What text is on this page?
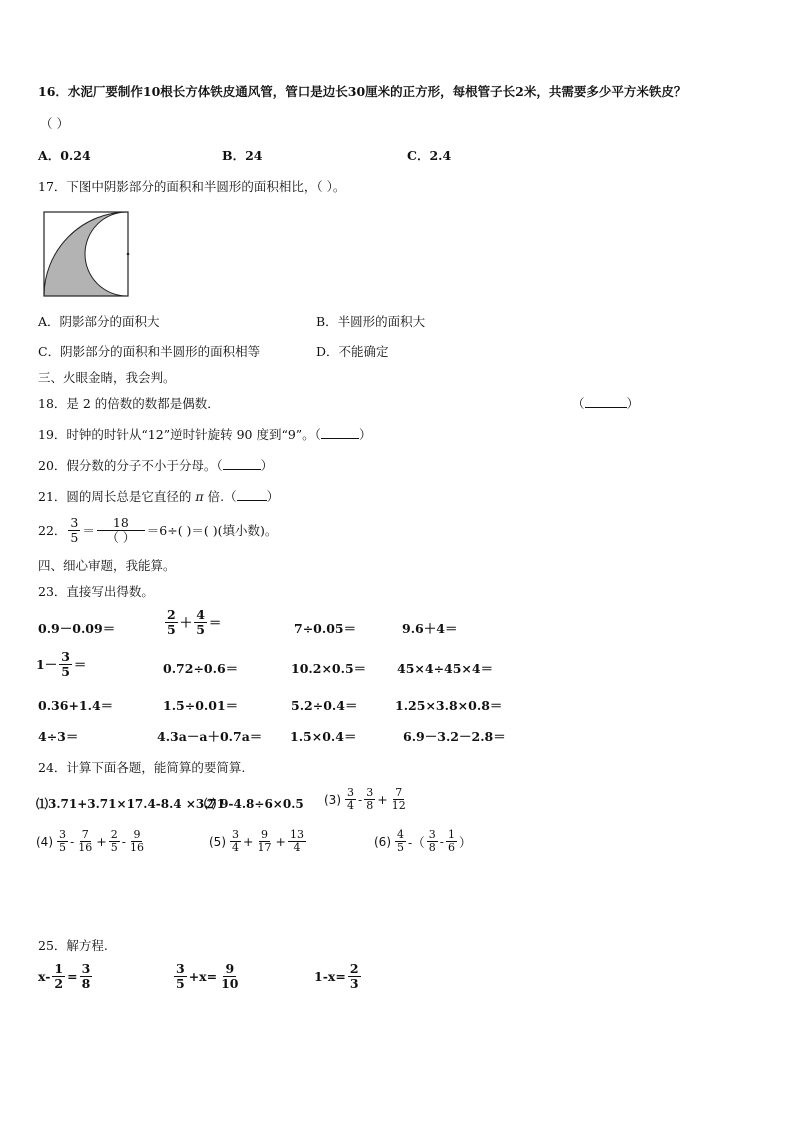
16．水泥厂要制作10根长方体铁皮通风管，管口是边长30厘米的正方形，每根管子长2米，共需要多少平方米铁皮？
（ ）
A．0.24	B．24	C．2.4
17．下图中阴影部分的面积和半圆形的面积相比，（ ）。
A．阴影部分的面积大	B．半圆形的面积大
C．阴影部分的面积和半圆形的面积相等	D．不能确定
三、火眼金睛，我会判。
18．是 2 的倍数的数都是偶数．	（	）
19．时钟的时针从“12”逆时针旋转 90 度到“9”。（	）
20．假分数的分子不小于分母。（	）
21．圆的周长总是它直径的 π 倍.（ ）
22． $\frac{3}{5} = \frac{18}{( )} =6\div$( )＝( )(填小数)。
四、细心审题，我能算。
23．直接写出得数。
0.9－0.09＝	$\frac{2}{5} + \frac{4}{5}$ ＝	7÷0.05＝	9.6＋4＝
$1- \frac{3}{5}$ ＝	0.72÷0.6＝	10.2×0.5＝ 45×4÷45×4＝
0.36+1.4＝	1.5÷0.01＝	5.2÷0.4＝	1.25×3.8×0.8＝
4÷3＝	4.3a－a＋0.7a＝ 1.5×0.4＝	6.9－3.2－2.8＝
24．计算下面各题，能简算的要简算.
⑴3.71+3.71×17.4-8.4 ×3.71
⑵ 9-4.8÷6×0.5 $(3) \frac{3}{4} - \frac{3}{8} + \frac{7}{12}$
$(4) \frac{3}{5} - \frac{7}{16} + \frac{2}{5} - \frac{9}{16}$	$(5) \frac{3}{4} + \frac{9}{17} + \frac{13}{4}$	$(6) \frac{4}{5}$ -（ $\frac{3}{8} - \frac{1}{6}$ ）
25．解方程.
$x- \frac{1}{2} = \frac{3}{8}$	$\frac{3}{5} +x= \frac{9}{10}$	$1-x= \frac{2}{3}$
